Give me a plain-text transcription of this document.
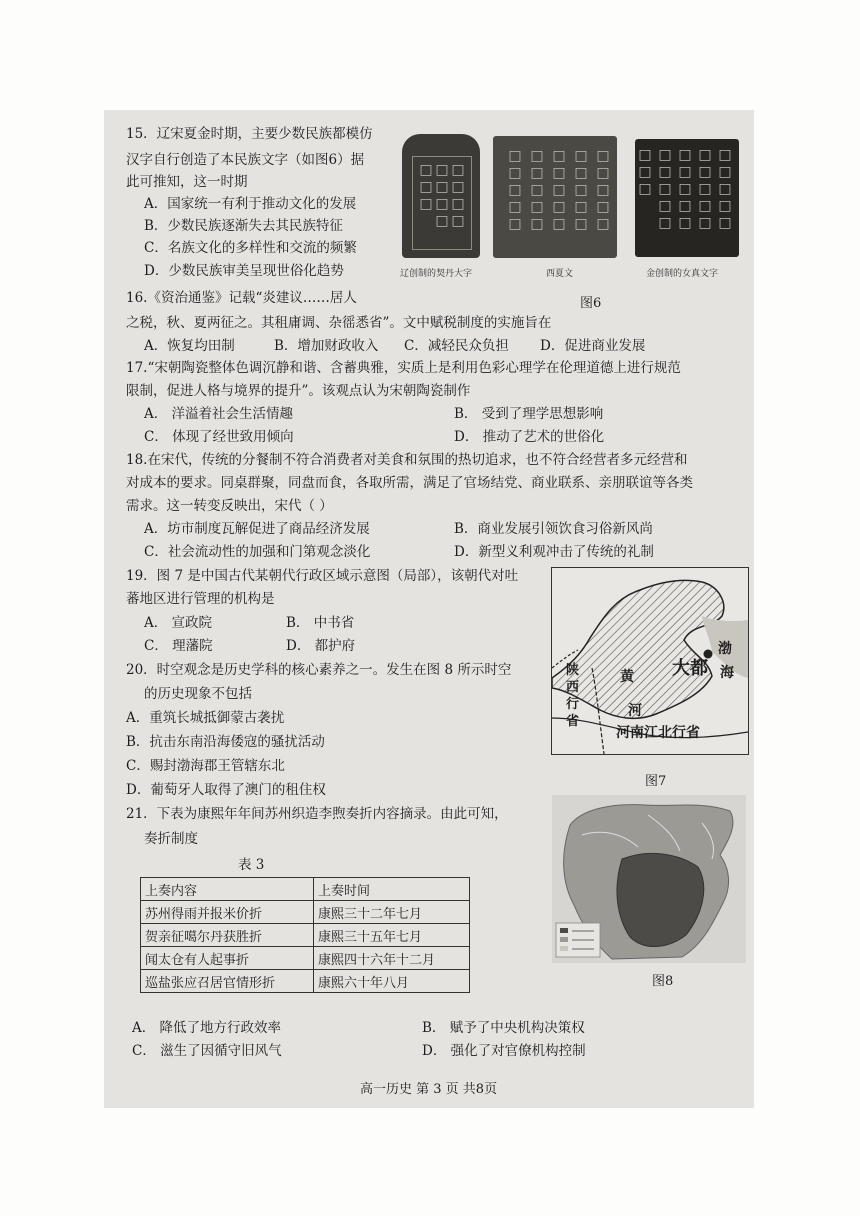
15．辽宋夏金时期，主要少数民族都模仿
汉字自行创造了本民族文字（如图6）据
此可推知，这一时期
A．国家统一有利于推动文化的发展
B．少数民族逐渐失去其民族特征
C．名族文化的多样性和交流的频繁
D．少数民族审美呈现世俗化趋势
□□□□
□□□□
□□□	□□□□□
□□□□□
□□□□□
□□□□□
□□□□□	□□□□□
□□□□□
□□□□□
□□□□□
□□□
辽创制的契丹大字	西夏文	金创制的女真文字
图6
16.《资治通鉴》记载“炎建议……居人
之税，秋、夏两征之。其租庸调、杂徭悉省”。文中赋税制度的实施旨在
A．恢复均田制	B．增加财政收入 C．减轻民众负担 D．促进商业发展
17.“宋朝陶瓷整体色调沉静和谐、含蓄典雅，实质上是利用色彩心理学在伦理道德上进行规范
限制，促进人格与境界的提升”。该观点认为宋朝陶瓷制作
A． 洋溢着社会生活情趣	B． 受到了理学思想影响
C． 体现了经世致用倾向	D． 推动了艺术的世俗化
18.在宋代，传统的分餐制不符合消费者对美食和氛围的热切追求，也不符合经营者多元经营和
对成本的要求。同桌群聚，同盘而食，各取所需，满足了官场结党、商业联系、亲朋联谊等各类
需求。这一转变反映出，宋代（ ）
A．坊市制度瓦解促进了商品经济发展	B．商业发展引领饮食习俗新风尚
C．社会流动性的加强和门第观念淡化	D．新型义利观冲击了传统的礼制
19．图 7 是中国古代某朝代行政区域示意图（局部），该朝代对吐
蕃地区进行管理的机构是
A． 宣政院	B． 中书省
C． 理藩院	D． 都护府
陕
西
行
省
黄
河
大都
渤
海
河南江北行省
图7
20．时空观念是历史学科的核心素养之一。发生在图 8 所示时空
的历史现象不包括
A．重筑长城抵御蒙古袭扰
B．抗击东南沿海倭寇的骚扰活动
C．赐封渤海郡王管辖东北
D．葡萄牙人取得了澳门的租住权
图8
21．下表为康熙年年间苏州织造李煦奏折内容摘录。由此可知，
奏折制度
表 3
上奏内容	上奏时间
苏州得雨并报米价折	康熙三十二年七月
贺亲征噶尔丹获胜折	康熙三十五年七月
闻太仓有人起事折	康熙四十六年十二月
巡盐张应召居官情形折	康熙六十年八月
A． 降低了地方行政效率	B． 赋予了中央机构决策权
C． 滋生了因循守旧风气	D． 强化了对官僚机构控制
高一历史 第 3 页 共8页
